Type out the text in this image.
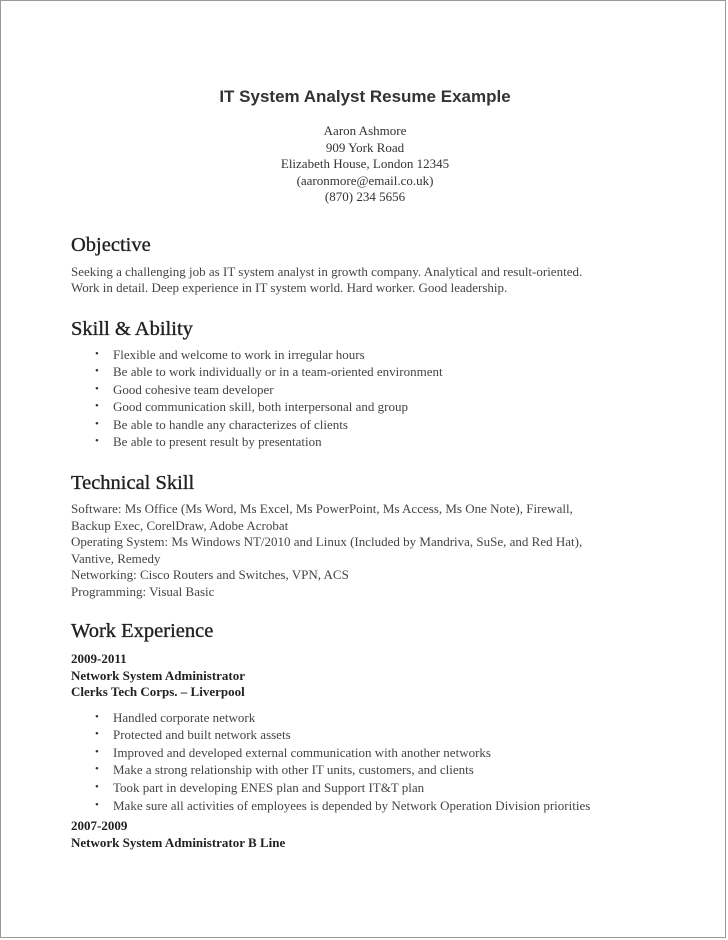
IT System Analyst Resume Example
Aaron Ashmore
909 York Road
Elizabeth House, London 12345
(aaronmore@email.co.uk)
(870) 234 5656
Objective

Seeking a challenging job as IT system analyst in growth company. Analytical and result-oriented.

Work in detail. Deep experience in IT system world. Hard worker. Good leadership.

Skill & Ability
• Flexible and welcome to work in irregular hours
• Be able to work individually or in a team-oriented environment
• Good cohesive team developer
• Good communication skill, both interpersonal and group
• Be able to handle any characterizes of clients
• Be able to present result by presentation
Technical Skill

Software: Ms Office (Ms Word, Ms Excel, Ms PowerPoint, Ms Access, Ms One Note), Firewall,

Backup Exec, CorelDraw, Adobe Acrobat

Operating System: Ms Windows NT/2010 and Linux (Included by Mandriva, SuSe, and Red Hat),

Vantive, Remedy

Networking: Cisco Routers and Switches, VPN, ACS

Programming: Visual Basic

Work Experience

2009-2011

Network System Administrator

Clerks Tech Corps. – Liverpool

• Handled corporate network
• Protected and built network assets
• Improved and developed external communication with another networks
• Make a strong relationship with other IT units, customers, and clients
• Took part in developing ENES plan and Support IT&T plan
• Make sure all activities of employees is depended by Network Operation Division priorities

2007-2009

Network System Administrator B Line
